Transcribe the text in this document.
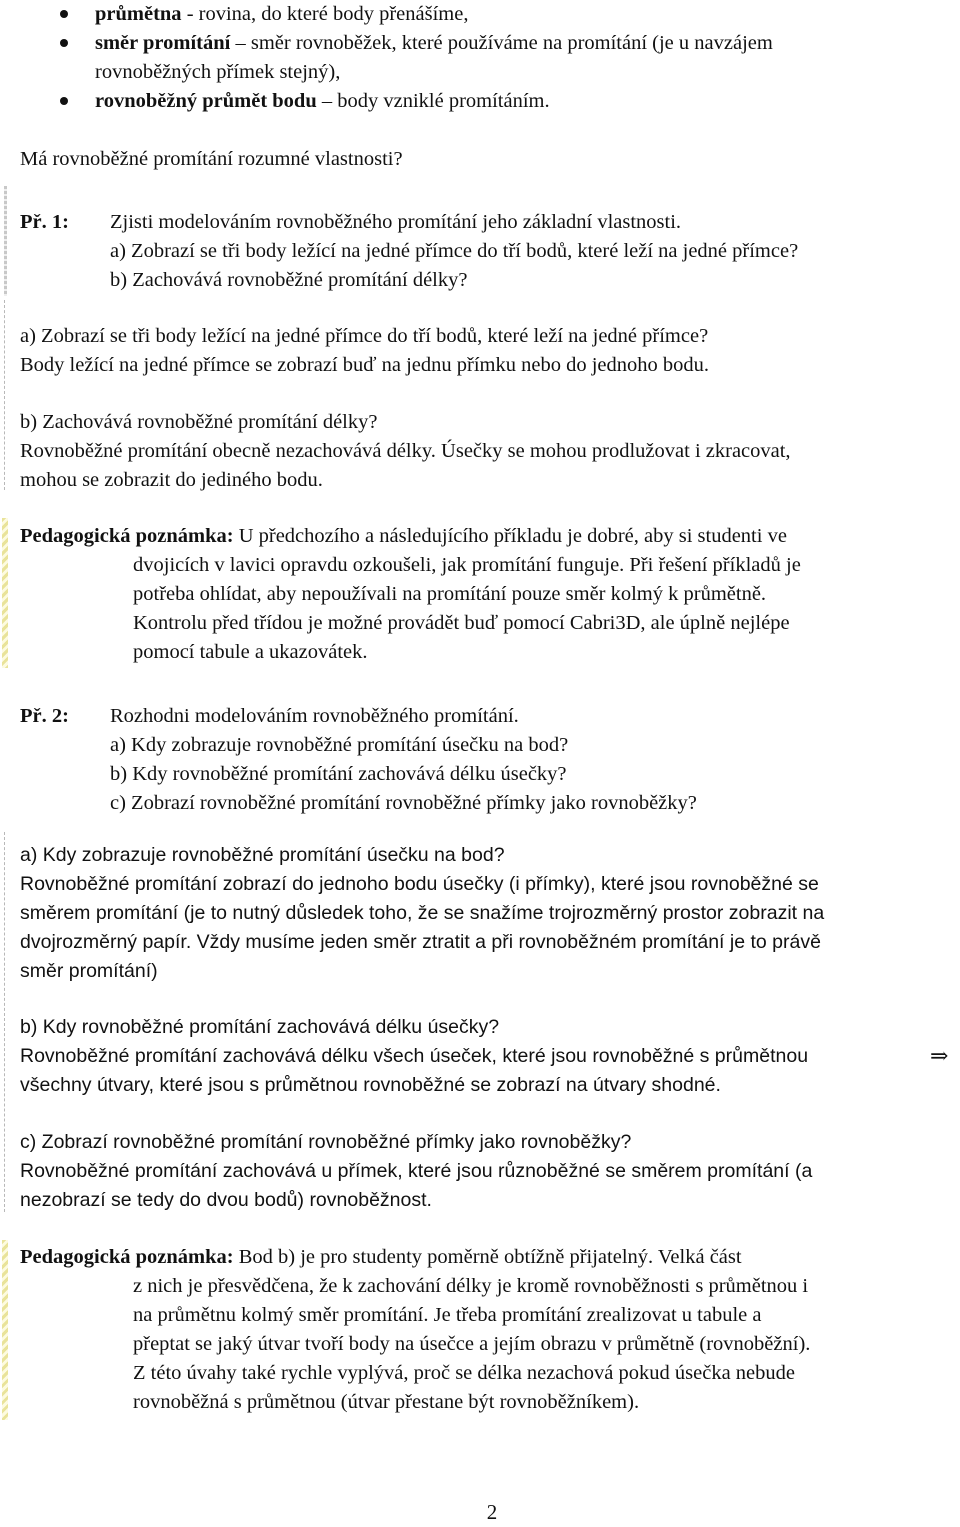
průmětna - rovina, do které body přenášíme,
směr promítání – směr rovnoběžek, které používáme na promítání (je u navzájem
rovnoběžných přímek stejný),
rovnoběžný průmět bodu – body vzniklé promítáním.
Má rovnoběžné promítání rozumné vlastnosti?
Př. 1: Zjisti modelováním rovnoběžného promítání jeho základní vlastnosti.
a) Zobrazí se tři body ležící na jedné přímce do tří bodů, které leží na jedné přímce?
b) Zachovává rovnoběžné promítání délky?
a) Zobrazí se tři body ležící na jedné přímce do tří bodů, které leží na jedné přímce?
Body ležící na jedné přímce se zobrazí buď na jednu přímku nebo do jednoho bodu.
b) Zachovává rovnoběžné promítání délky?
Rovnoběžné promítání obecně nezachovává délky. Úsečky se mohou prodlužovat i zkracovat,
mohou se zobrazit do jediného bodu.
Pedagogická poznámka: U předchozího a následujícího příkladu je dobré, aby si studenti ve
dvojicích v lavici opravdu ozkoušeli, jak promítání funguje. Při řešení příkladů je
potřeba ohlídat, aby nepoužívali na promítání pouze směr kolmý k průmětně.
Kontrolu před třídou je možné provádět buď pomocí Cabri3D, ale úplně nejlépe
pomocí tabule a ukazovátek.
Př. 2: Rozhodni modelováním rovnoběžného promítání.
a) Kdy zobrazuje rovnoběžné promítání úsečku na bod?
b) Kdy rovnoběžné promítání zachovává délku úsečky?
c) Zobrazí rovnoběžné promítání rovnoběžné přímky jako rovnoběžky?
a) Kdy zobrazuje rovnoběžné promítání úsečku na bod?
Rovnoběžné promítání zobrazí do jednoho bodu úsečky (i přímky), které jsou rovnoběžné se
směrem promítání (je to nutný důsledek toho, že se snažíme trojrozměrný prostor zobrazit na
dvojrozměrný papír. Vždy musíme jeden směr ztratit a při rovnoběžném promítání je to právě
směr promítání)
b) Kdy rovnoběžné promítání zachovává délku úsečky?
Rovnoběžné promítání zachovává délku všech úseček, které jsou rovnoběžné s průmětnou	⇒
všechny útvary, které jsou s průmětnou rovnoběžné se zobrazí na útvary shodné.
c) Zobrazí rovnoběžné promítání rovnoběžné přímky jako rovnoběžky?
Rovnoběžné promítání zachovává u přímek, které jsou různoběžné se směrem promítání (a
nezobrazí se tedy do dvou bodů) rovnoběžnost.
Pedagogická poznámka: Bod b) je pro studenty poměrně obtížně přijatelný. Velká část
z nich je přesvědčena, že k zachování délky je kromě rovnoběžnosti s průmětnou i
na průmětnu kolmý směr promítání. Je třeba promítání zrealizovat u tabule a
přeptat se jaký útvar tvoří body na úsečce a jejím obrazu v průmětně (rovnoběžní).
Z této úvahy také rychle vyplývá, proč se délka nezachová pokud úsečka nebude
rovnoběžná s průmětnou (útvar přestane být rovnoběžníkem).
2
